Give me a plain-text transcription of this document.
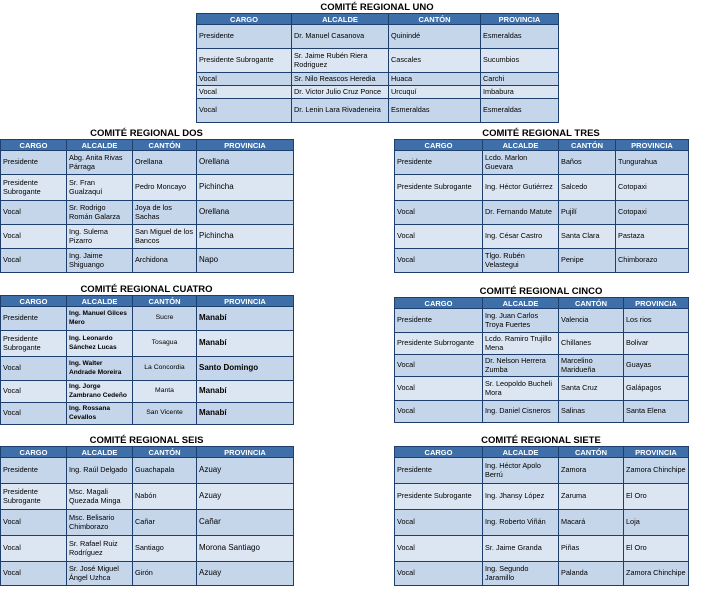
COMITÉ REGIONAL UNO
CARGO	ALCALDE	CANTÓN	PROVINCIA
Presidente	Dr. Manuel Casanova	Quinindé	Esmeraldas
Presidente Subrogante	Sr. Jaime Rubén Riera Rodriguez	Cascales	Sucumbios
Vocal	Sr. Nilo Reascos Heredia	Huaca	Carchi
Vocal	Dr. Victor Julio Cruz Ponce	Urcuquí	Imbabura
Vocal	Dr. Lenin Lara Rivadeneira	Esmeraldas	Esmeraldas
COMITÉ REGIONAL DOS
CARGO	ALCALDE	CANTÓN	PROVINCIA
Presidente	Abg. Anita Rivas Párraga	Orellana	Orellana
Presidente Subrogante	Sr. Fran Gualzaquí	Pedro Moncayo	Pichincha
Vocal	Sr. Rodrigo Román Galarza	Joya de los Sachas	Orellana
Vocal	Ing. Sulema Pizarro	San Miguel de los Bancos	Pichincha
Vocal	Ing. Jaime Shiguango	Archidona	Napo
COMITÉ REGIONAL TRES
CARGO	ALCALDE	CANTÓN	PROVINCIA
Presidente	Lcdo. Marlon Guevara	Baños	Tungurahua
Presidente Subrogante	Ing. Héctor Gutiérrez	Salcedo	Cotopaxi
Vocal	Dr. Fernando Matute	Pujilí	Cotopaxi
Vocal	Ing. César Castro	Santa Clara	Pastaza
Vocal	Tlgo. Rubén Velastegui	Penipe	Chimborazo
COMITÉ REGIONAL CUATRO
CARGO	ALCALDE	CANTÓN	PROVINCIA
Presidente	Ing. Manuel Gilces Mero	Sucre	Manabí
Presidente Subrogante	Ing. Leonardo Sánchez Lucas	Tosagua	Manabí
Vocal	Ing. Walter Andrade Moreira	La Concordia	Santo Domingo
Vocal	Ing. Jorge Zambrano Cedeño	Manta	Manabí
Vocal	Ing. Rossana Cevallos	San Vicente	Manabí
COMITÉ REGIONAL CINCO
CARGO	ALCALDE	CANTÓN	PROVINCIA
Presidente	Ing. Juan Carlos Troya Fuertes	Valencia	Los rios
Presidente Subrrogante	Lcdo. Ramiro Trujillo Mena	Chillanes	Bolivar
Vocal	Dr. Nelson Herrera Zumba	Marcelino Maridueña	Guayas
Vocal	Sr. Leopoldo Bucheli Mora	Santa Cruz	Galápagos
Vocal	Ing. Daniel Cisneros	Salinas	Santa Elena
COMITÉ REGIONAL SEIS
CARGO	ALCALDE	CANTÓN	PROVINCIA
Presidente	Ing. Raúl Delgado	Guachapala	Azuay
Presidente Subrogante	Msc. Magali Quezada Minga	Nabón	Azuay
Vocal	Msc. Belisario Chimborazo	Cañar	Cañar
Vocal	Sr. Rafael Ruiz Rodríguez	Santiago	Morona Santiago
Vocal	Sr. José Miguel Ángel Uzhca	Girón	Azuay
COMITÉ REGIONAL SIETE
CARGO	ALCALDE	CANTÓN	PROVINCIA
Presidente	Ing. Héctor Apolo Berrú	Zamora	Zamora Chinchipe
Presidente Subrogante	Ing. Jhansy López	Zaruma	El Oro
Vocal	Ing. Roberto Viñán	Macará	Loja
Vocal	Sr. Jaime Granda	Piñas	El Oro
Vocal	Ing. Segundo Jaramillo	Palanda	Zamora Chinchipe
